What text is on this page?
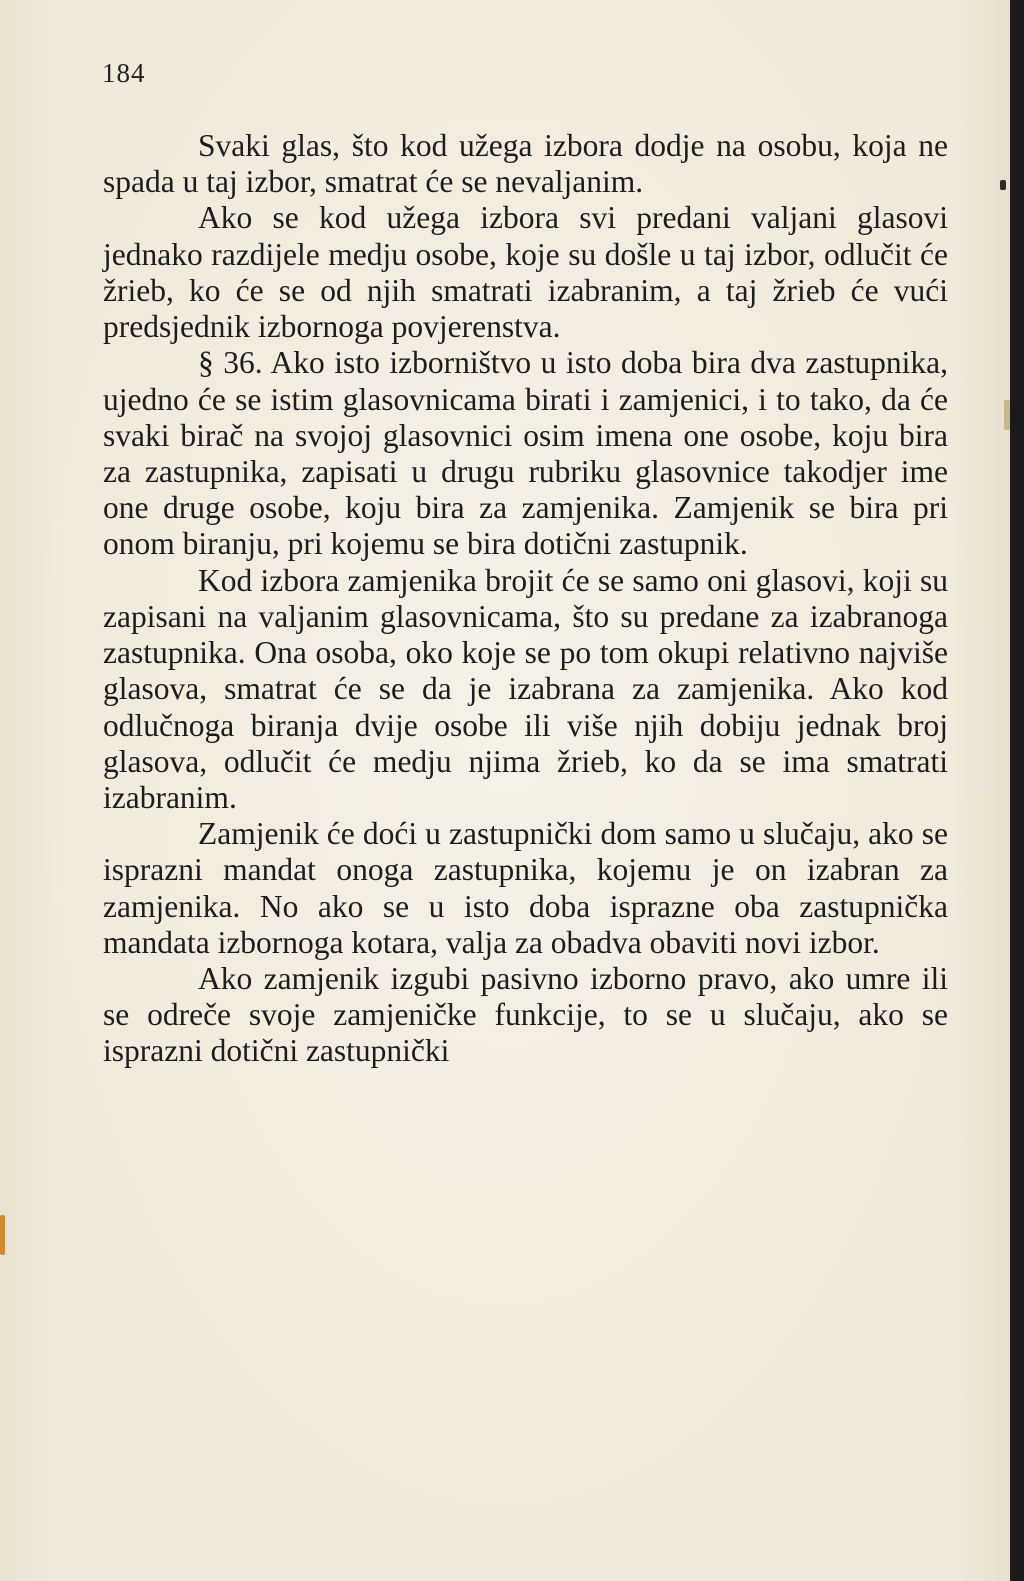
184

Svaki glas, što kod užega izbora dodje na osobu, koja ne spada u taj izbor, smatrat će se nevaljanim.

Ako se kod užega izbora svi predani valjani glasovi jednako razdijele medju osobe, koje su došle u taj izbor, odlučit će žrieb, ko će se od njih smatrati izabranim, a taj žrieb će vući predsjednik izbornoga povjerenstva.

§ 36. Ako isto izborništvo u isto doba bira dva zastupnika, ujedno će se istim glasovnicama birati i zamjenici, i to tako, da će svaki birač na svojoj glasovnici osim imena one osobe, koju bira za zastupnika, zapisati u drugu rubriku glasovnice takodjer ime one druge osobe, koju bira za zamjenika. Zamjenik se bira pri onom biranju, pri kojemu se bira dotični zastupnik.

Kod izbora zamjenika brojit će se samo oni glasovi, koji su zapisani na valjanim glasovnicama, što su predane za izabranoga zastupnika. Ona osoba, oko koje se po tom okupi relativno najviše glasova, smatrat će se da je izabrana za zamjenika. Ako kod odlučnoga biranja dvije osobe ili više njih dobiju jednak broj glasova, odlučit će medju njima žrieb, ko da se ima smatrati izabranim.

Zamjenik će doći u zastupnički dom samo u slučaju, ako se isprazni mandat onoga zastupnika, kojemu je on izabran za zamjenika. No ako se u isto doba isprazne oba zastupnička mandata izbornoga kotara, valja za obadva obaviti novi izbor.

Ako zamjenik izgubi pasivno izborno pravo, ako umre ili se odreče svoje zamjeničke funkcije, to se u slučaju, ako se isprazni dotični zastupnički
